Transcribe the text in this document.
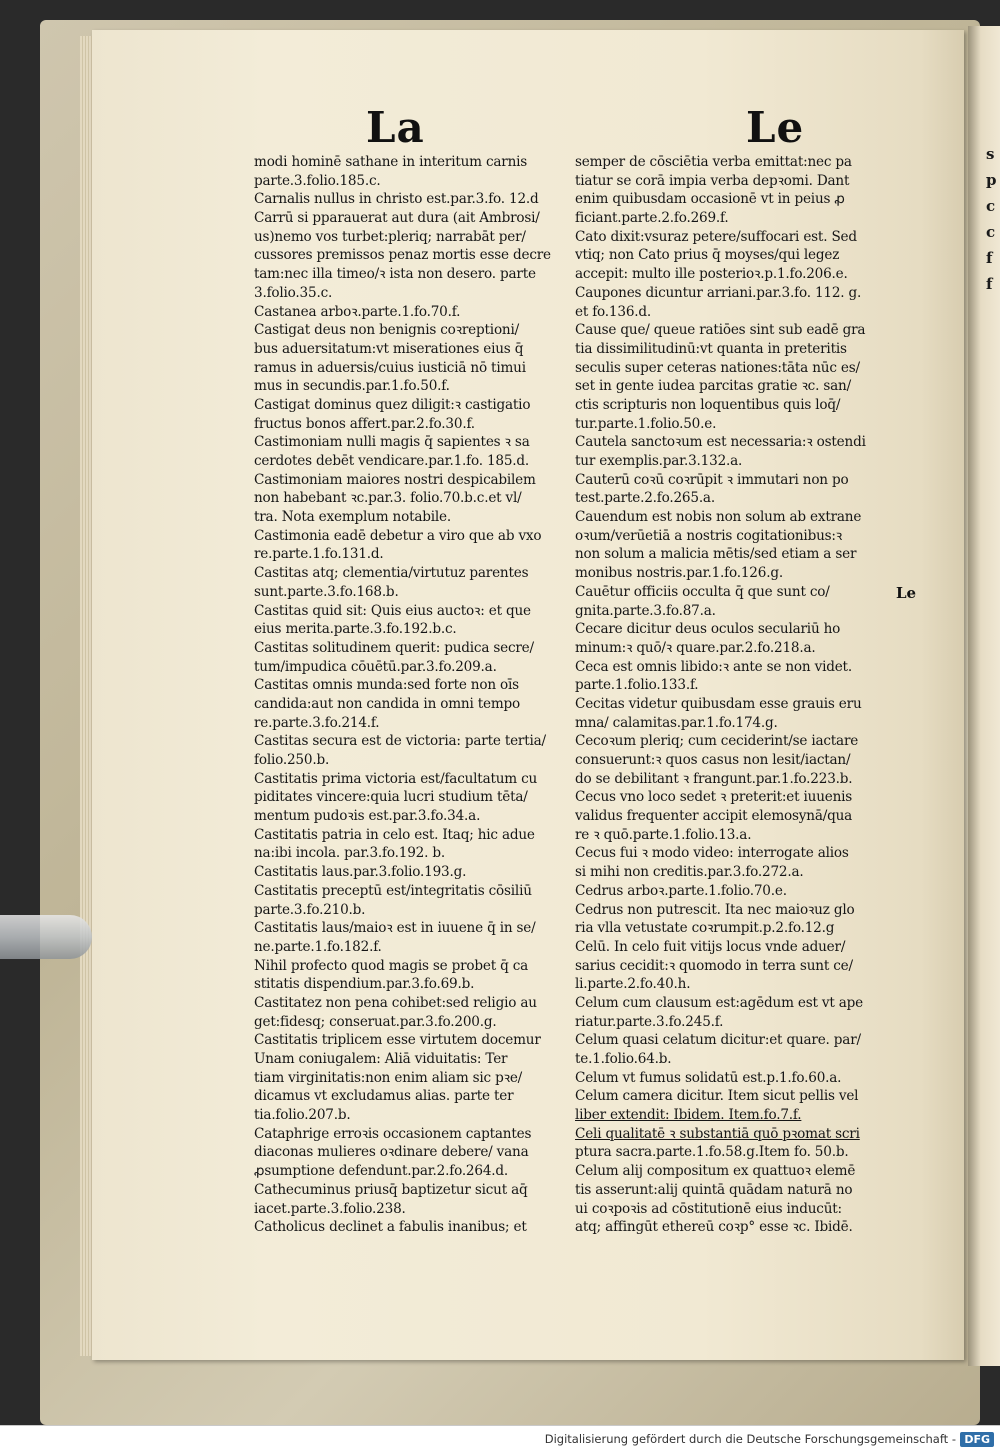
s
p
c
c
f
f
La	Le
modi hominē sathane in interitum carnis
parte.3.folio.185.c.
Carnalis nullus in christo est.par.3.fo. 12.d
Carrū si pparauerat aut dura (ait Ambrosi/
us)nemo vos turbet:pleriq; narrabāt per/
cussores premissos penaz mortis esse decre
tam:nec illa timeo/ꝛ ista non desero. parte
3.folio.35.c.
Castanea arboꝛ.parte.1.fo.70.f.
Castigat deus non benignis coꝛreptioni/
bus aduersitatum:vt miserationes eius q̄
ramus in aduersis/cuius iusticiā nō timui
mus in secundis.par.1.fo.50.f.
Castigat dominus quez diligit:ꝛ castigatio
fructus bonos affert.par.2.fo.30.f.
Castimoniam nulli magis q̄ sapientes ꝛ sa
cerdotes debēt vendicare.par.1.fo. 185.d.
Castimoniam maiores nostri despicabilem
non habebant ꝛc.par.3. folio.70.b.c.et vl/
tra. Nota exemplum notabile.
Castimonia eadē debetur a viro que ab vxo
re.parte.1.fo.131.d.
Castitas atq; clementia/virtutuz parentes
sunt.parte.3.fo.168.b.
Castitas quid sit: Quis eius auctoꝛ: et que
eius merita.parte.3.fo.192.b.c.
Castitas solitudinem querit: pudica secre/
tum/impudica cōuētū.par.3.fo.209.a.
Castitas omnis munda:sed forte non oīs
candida:aut non candida in omni tempo
re.parte.3.fo.214.f.
Castitas secura est de victoria: parte tertia/
folio.250.b.
Castitatis prima victoria est/facultatum cu
piditates vincere:quia lucri studium tēta/
mentum pudoꝛis est.par.3.fo.34.a.
Castitatis patria in celo est. Itaq; hic adue
na:ibi incola. par.3.fo.192. b.
Castitatis laus.par.3.folio.193.g.
Castitatis preceptū est/integritatis cōsiliū
parte.3.fo.210.b.
Castitatis laus/maioꝛ est in iuuene q̄ in se/
ne.parte.1.fo.182.f.
Nihil profecto quod magis se probet q̄ ca
stitatis dispendium.par.3.fo.69.b.
Castitatez non pena cohibet:sed religio au
get:fidesq; conseruat.par.3.fo.200.g.
Castitatis triplicem esse virtutem docemur
Unam coniugalem: Aliā viduitatis: Ter
tiam virginitatis:non enim aliam sic pꝛe/
dicamus vt excludamus alias. parte ter
tia.folio.207.b.
Cataphrige erroꝛis occasionem captantes
diaconas mulieres oꝛdinare debere/ vana
ꝓsumptione defendunt.par.2.fo.264.d.
Cathecuminus priusq̄ baptizetur sicut aq̄
iacet.parte.3.folio.238.
Catholicus declinet a fabulis inanibus; et
semper de cōsciētia verba emittat:nec pa
tiatur se corā impia verba depꝛomi. Dant
enim quibusdam occasionē vt in peius ꝓ
ficiant.parte.2.fo.269.f.
Cato dixit:vsuraz petere/suffocari est. Sed
vtiq; non Cato prius q̄ moyses/qui legez
accepit: multo ille posterioꝛ.p.1.fo.206.e.
Caupones dicuntur arriani.par.3.fo. 112. g.
et fo.136.d.
Cause que/ queue ratiōes sint sub eadē gra
tia dissimilitudinū:vt quanta in preteritis
seculis super ceteras nationes:tāta nūc es/
set in gente iudea parcitas gratie ꝛc. san/
ctis scripturis non loquentibus quis loq̄/
tur.parte.1.folio.50.e.
Cautela sanctoꝛum est necessaria:ꝛ ostendi
tur exemplis.par.3.132.a.
Cauterū coꝛū coꝛrūpit ꝛ immutari non po
test.parte.2.fo.265.a.
Cauendum est nobis non solum ab extrane
oꝛum/verūetiā a nostris cogitationibus:ꝛ
non solum a malicia mētis/sed etiam a ser
monibus nostris.par.1.fo.126.g.
Cauētur officiis occulta q̄ que sunt co/
gnita.parte.3.fo.87.a.
Cecare dicitur deus oculos seculariū ho
minum:ꝛ quō/ꝛ quare.par.2.fo.218.a.
Ceca est omnis libido:ꝛ ante se non videt.
parte.1.folio.133.f.
Cecitas videtur quibusdam esse grauis eru
mna/ calamitas.par.1.fo.174.g.
Cecoꝛum pleriq; cum ceciderint/se iactare
consuerunt:ꝛ quos casus non lesit/iactan/
do se debilitant ꝛ frangunt.par.1.fo.223.b.
Cecus vno loco sedet ꝛ preterit:et iuuenis
validus frequenter accipit elemosynā/qua
re ꝛ quō.parte.1.folio.13.a.
Cecus fui ꝛ modo video: interrogate alios
si mihi non creditis.par.3.fo.272.a.
Cedrus arboꝛ.parte.1.folio.70.e.
Cedrus non putrescit. Ita nec maioꝛuz glo
ria vlla vetustate coꝛrumpit.p.2.fo.12.g
Celū. In celo fuit vitijs locus vnde aduer/
sarius cecidit:ꝛ quomodo in terra sunt ce/
li.parte.2.fo.40.h.
Celum cum clausum est:agēdum est vt ape
riatur.parte.3.fo.245.f.
Celum quasi celatum dicitur:et quare. par/
te.1.folio.64.b.
Celum vt fumus solidatū est.p.1.fo.60.a.
Celum camera dicitur. Item sicut pellis vel
liber extendit: Ibidem. Item.fo.7.f.
Celi qualitatē ꝛ substantiā quō pꝛomat scri
ptura sacra.parte.1.fo.58.g.Item fo. 50.b.
Celum alij compositum ex quattuoꝛ elemē
tis asserunt:alij quintā quādam naturā no
ui coꝛpoꝛis ad cōstitutionē eius inducūt:
atq; affingūt ethereū coꝛp° esse ꝛc. Ibidē.
Le
Digitalisierung gefördert durch die Deutsche Forschungsgemeinschaft - DFG
